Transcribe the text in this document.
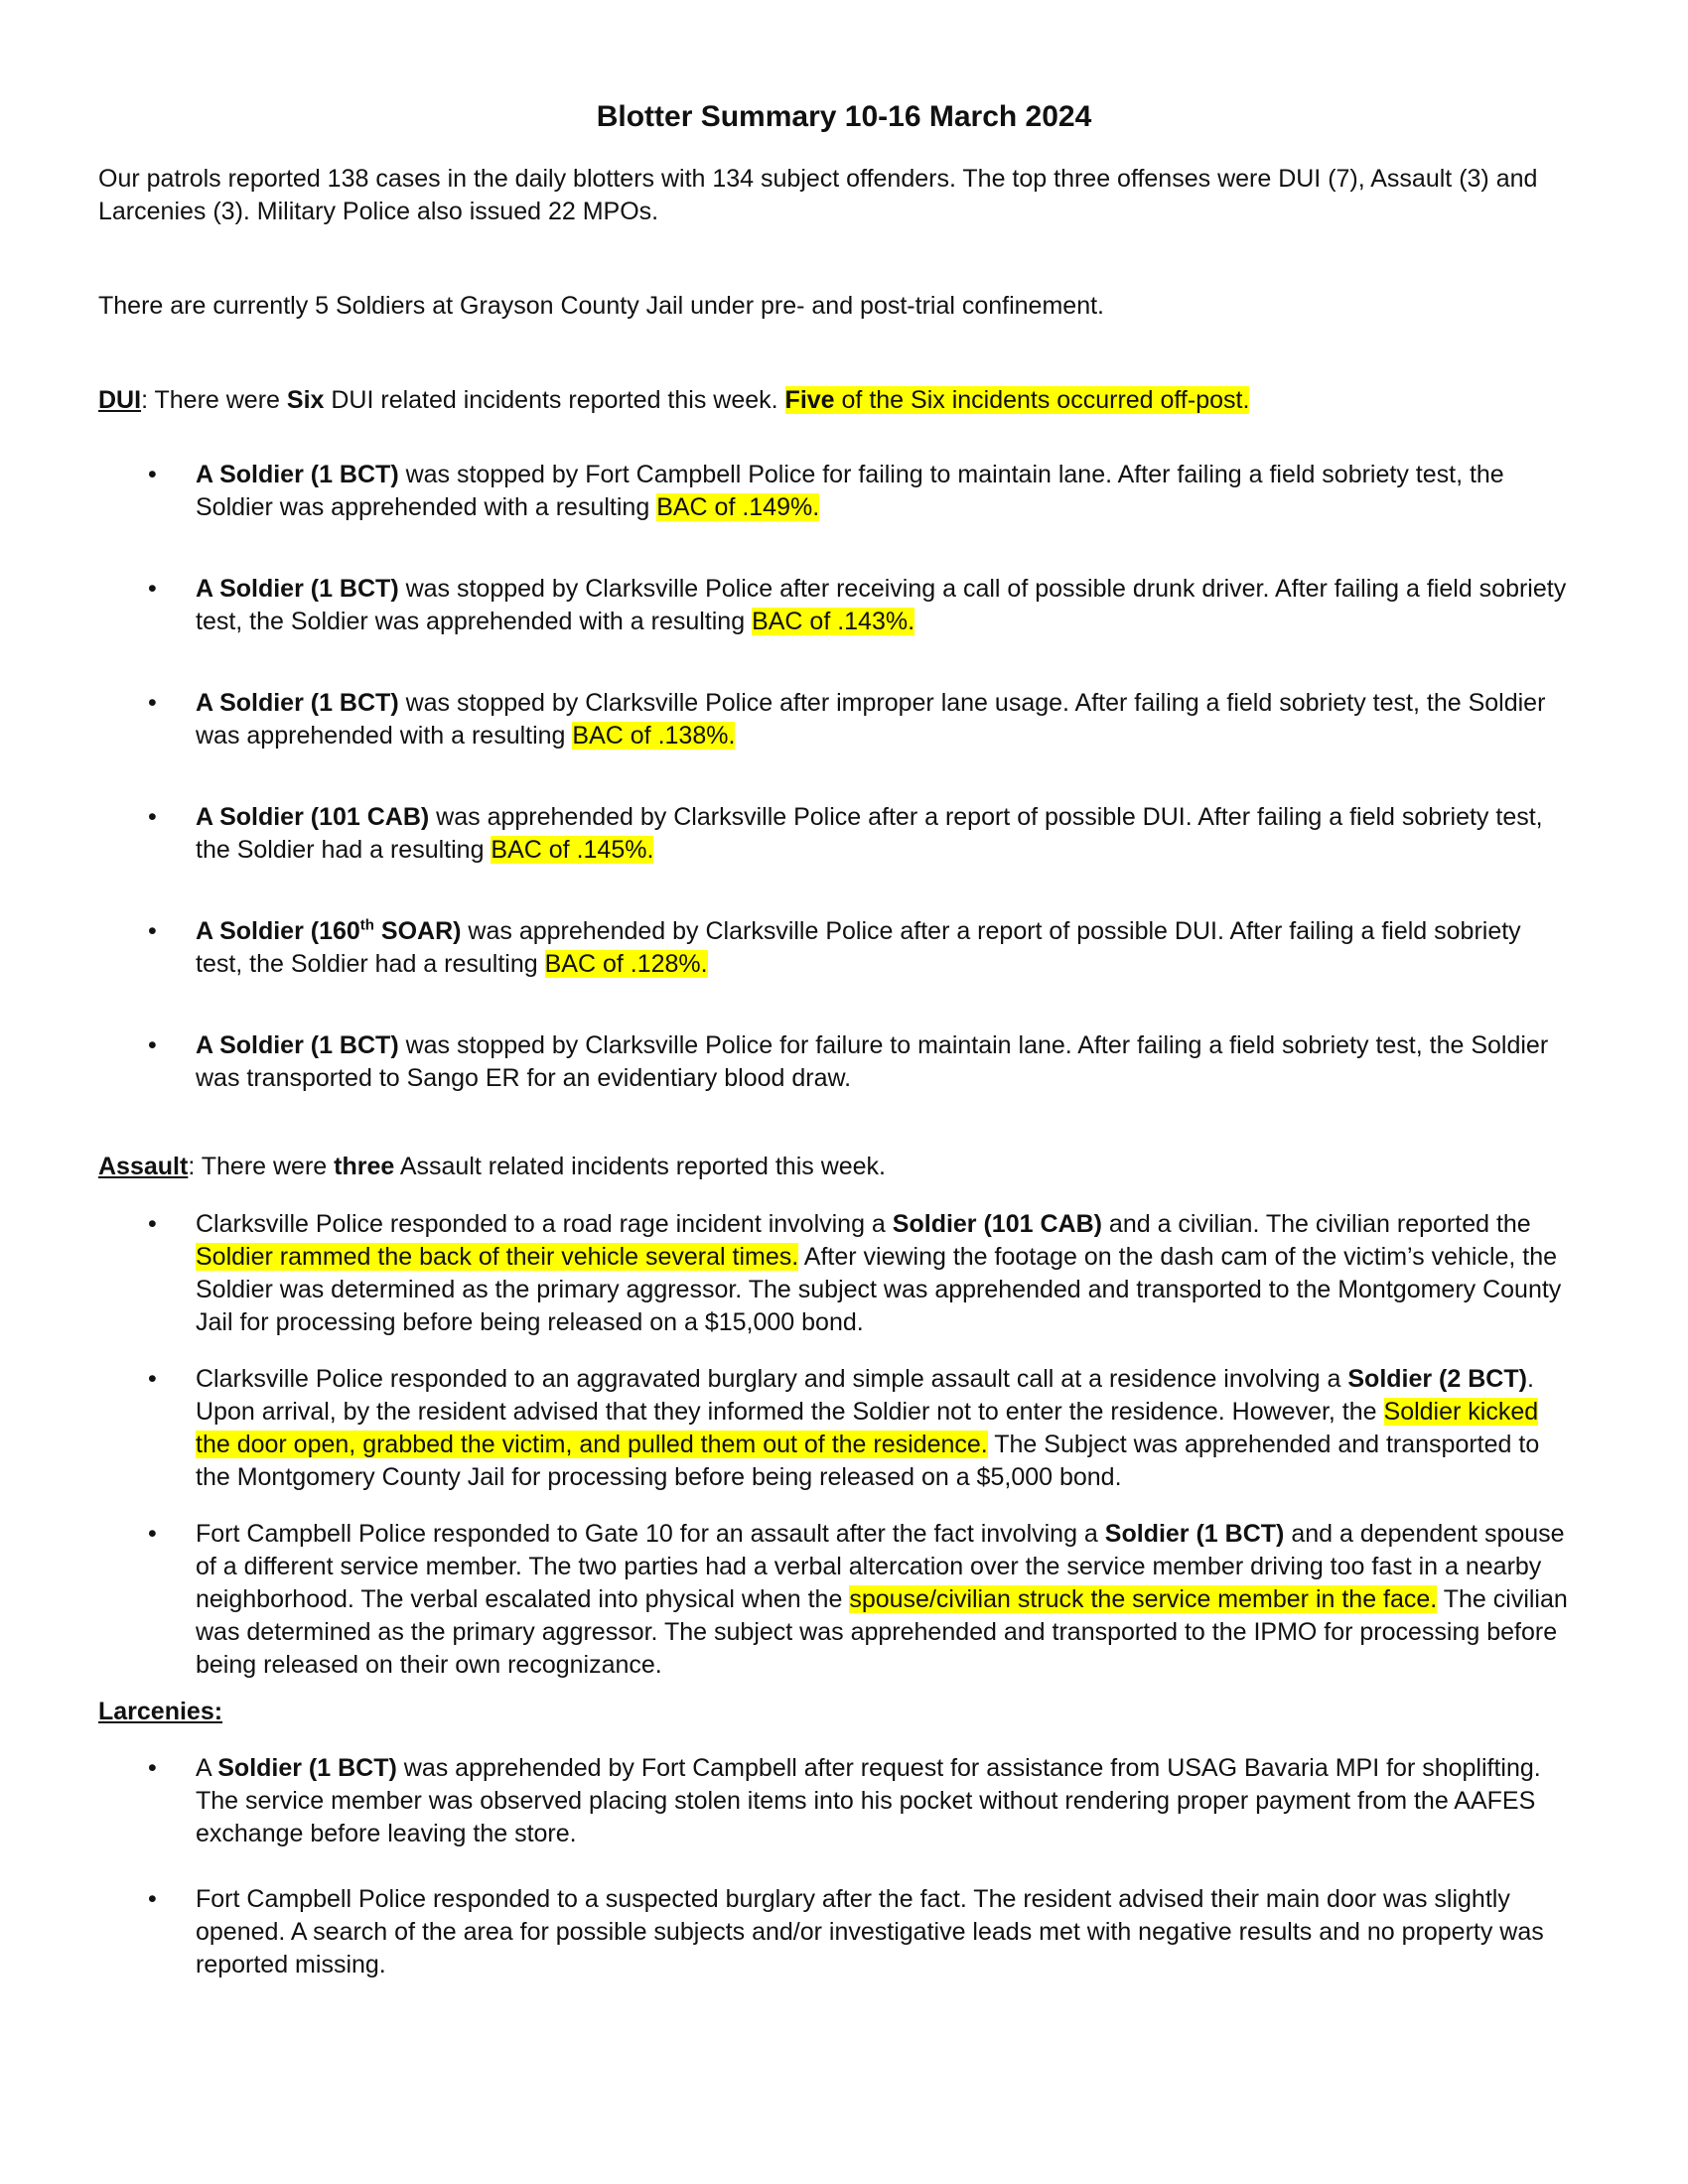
Blotter Summary 10-16 March 2024
Our patrols reported 138 cases in the daily blotters with 134 subject offenders. The top three offenses were DUI (7), Assault (3) and Larcenies (3). Military Police also issued 22 MPOs.
There are currently 5 Soldiers at Grayson County Jail under pre- and post-trial confinement.
DUI: There were Six DUI related incidents reported this week. Five of the Six incidents occurred off-post.
• A Soldier (1 BCT) was stopped by Fort Campbell Police for failing to maintain lane. After failing a field sobriety test, the Soldier was apprehended with a resulting BAC of .149%.
• A Soldier (1 BCT) was stopped by Clarksville Police after receiving a call of possible drunk driver. After failing a field sobriety test, the Soldier was apprehended with a resulting BAC of .143%.
• A Soldier (1 BCT) was stopped by Clarksville Police after improper lane usage. After failing a field sobriety test, the Soldier was apprehended with a resulting BAC of .138%.
• A Soldier (101 CAB) was apprehended by Clarksville Police after a report of possible DUI. After failing a field sobriety test, the Soldier had a resulting BAC of .145%.
• A Soldier (160th SOAR) was apprehended by Clarksville Police after a report of possible DUI. After failing a field sobriety test, the Soldier had a resulting BAC of .128%.
• A Soldier (1 BCT) was stopped by Clarksville Police for failure to maintain lane. After failing a field sobriety test, the Soldier was transported to Sango ER for an evidentiary blood draw.
Assault: There were three Assault related incidents reported this week.
• Clarksville Police responded to a road rage incident involving a Soldier (101 CAB) and a civilian. The civilian reported the Soldier rammed the back of their vehicle several times. After viewing the footage on the dash cam of the victim’s vehicle, the Soldier was determined as the primary aggressor. The subject was apprehended and transported to the Montgomery County Jail for processing before being released on a $15,000 bond.
• Clarksville Police responded to an aggravated burglary and simple assault call at a residence involving a Soldier (2 BCT). Upon arrival, by the resident advised that they informed the Soldier not to enter the residence. However, the Soldier kicked the door open, grabbed the victim, and pulled them out of the residence. The Subject was apprehended and transported to the Montgomery County Jail for processing before being released on a $5,000 bond.
• Fort Campbell Police responded to Gate 10 for an assault after the fact involving a Soldier (1 BCT) and a dependent spouse of a different service member. The two parties had a verbal altercation over the service member driving too fast in a nearby neighborhood. The verbal escalated into physical when the spouse/civilian struck the service member in the face. The civilian was determined as the primary aggressor. The subject was apprehended and transported to the IPMO for processing before being released on their own recognizance.
Larcenies:
• A Soldier (1 BCT) was apprehended by Fort Campbell after request for assistance from USAG Bavaria MPI for shoplifting. The service member was observed placing stolen items into his pocket without rendering proper payment from the AAFES exchange before leaving the store.
• Fort Campbell Police responded to a suspected burglary after the fact. The resident advised their main door was slightly opened. A search of the area for possible subjects and/or investigative leads met with negative results and no property was reported missing.
